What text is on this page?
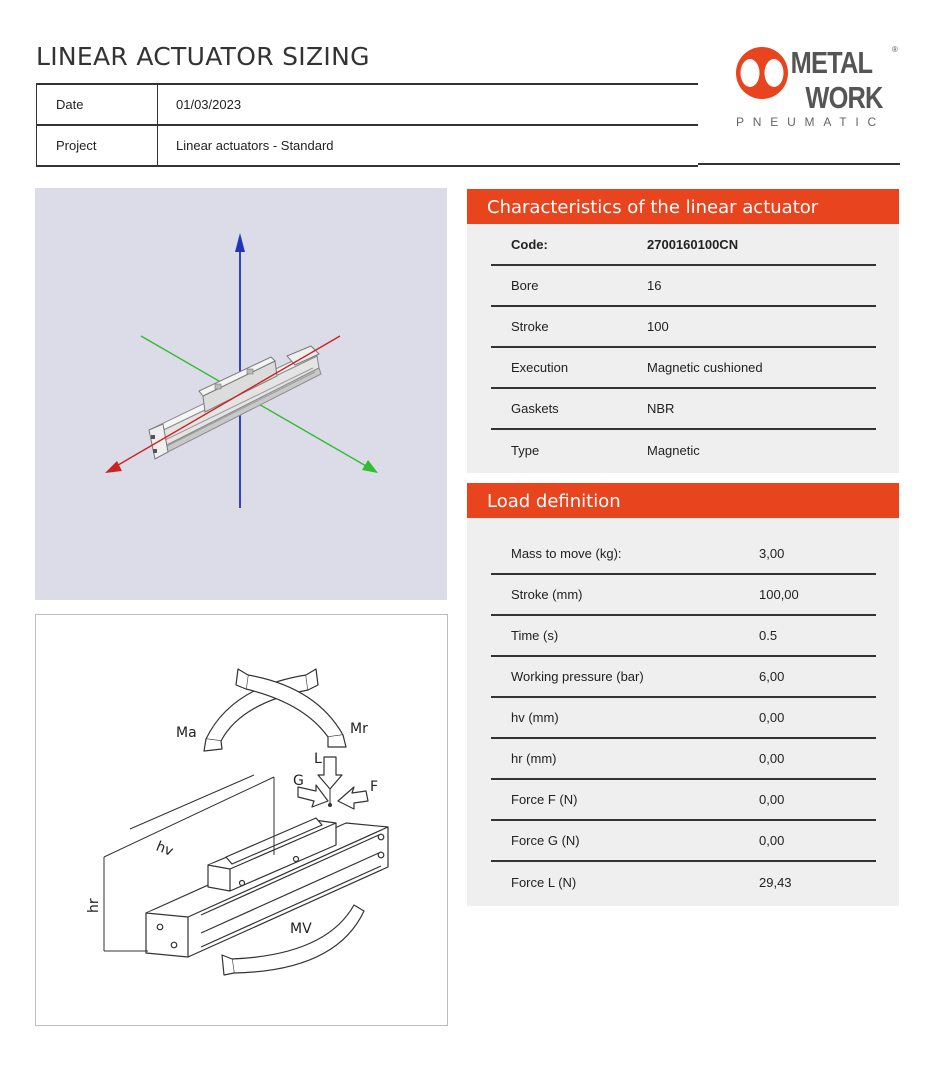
LINEAR ACTUATOR SIZING
Date	01/03/2023
Project	Linear actuators - Standard
METAL
WORK
®
PNEUMATIC
Ma	Mr
L
G	F
hv
hr
MV
Characteristics of the linear actuator
Code:	2700160100CN
Bore	16
Stroke	100
Execution	Magnetic cushioned
Gaskets	NBR
Type	Magnetic
Load definition
Mass to move (kg):	3,00
Stroke (mm)	100,00
Time (s)	0.5
Working pressure (bar)	6,00
hv (mm)	0,00
hr (mm)	0,00
Force F (N)	0,00
Force G (N)	0,00
Force L (N)	29,43
